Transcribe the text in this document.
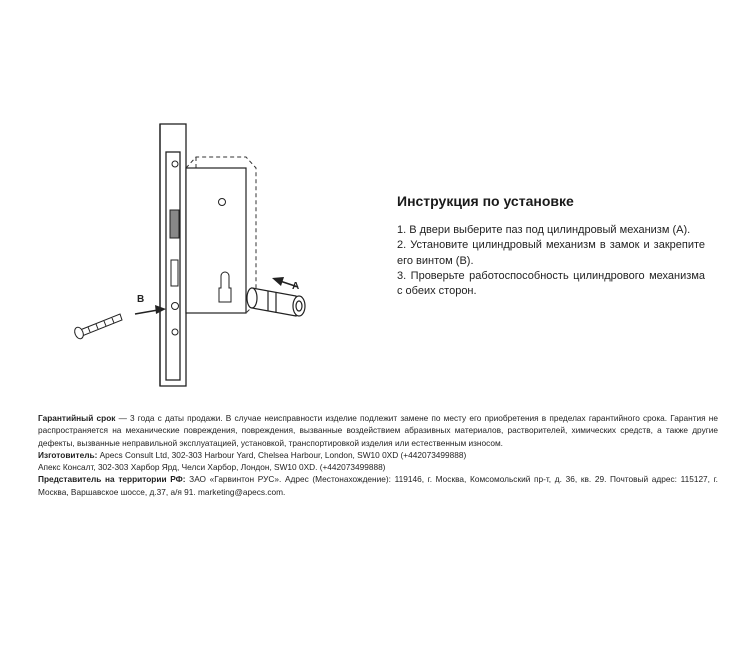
A
B
Инструкция по установке
1. В двери выберите паз под цилиндровый механизм (А).
2. Установите цилиндровый механизм в замок и закрепите его винтом (В).
3. Проверьте работоспособность цилиндрового механизма с обеих сторон.

Гарантийный срок — 3 года с даты продажи. В случае неисправности изделие подлежит замене по месту его приобретения в пределах гарантийного срока. Гарантия не распространяется на механические повреждения, повреждения, вызванные воздействием абразивных материалов, растворителей, химических средств, а также другие дефекты, вызванные неправильной эксплуатацией, установкой, транспортировкой изделия или естественным износом.

Изготовитель: Apecs Consult Ltd, 302-303 Harbour Yard, Chelsea Harbour, London, SW10 0XD (+442073499888)

Апекс Консалт, 302-303 Харбор Ярд, Челси Харбор, Лондон, SW10 0XD. (+442073499888)

Представитель на территории РФ: ЗАО «Гарвинтон РУС». Адрес (Местонахождение): 119146, г. Москва, Комсомольский пр-т, д. 36, кв. 29. Почтовый адрес: 115127, г. Москва, Варшавское шоссе, д.37, а/я 91. marketing@apecs.com.
